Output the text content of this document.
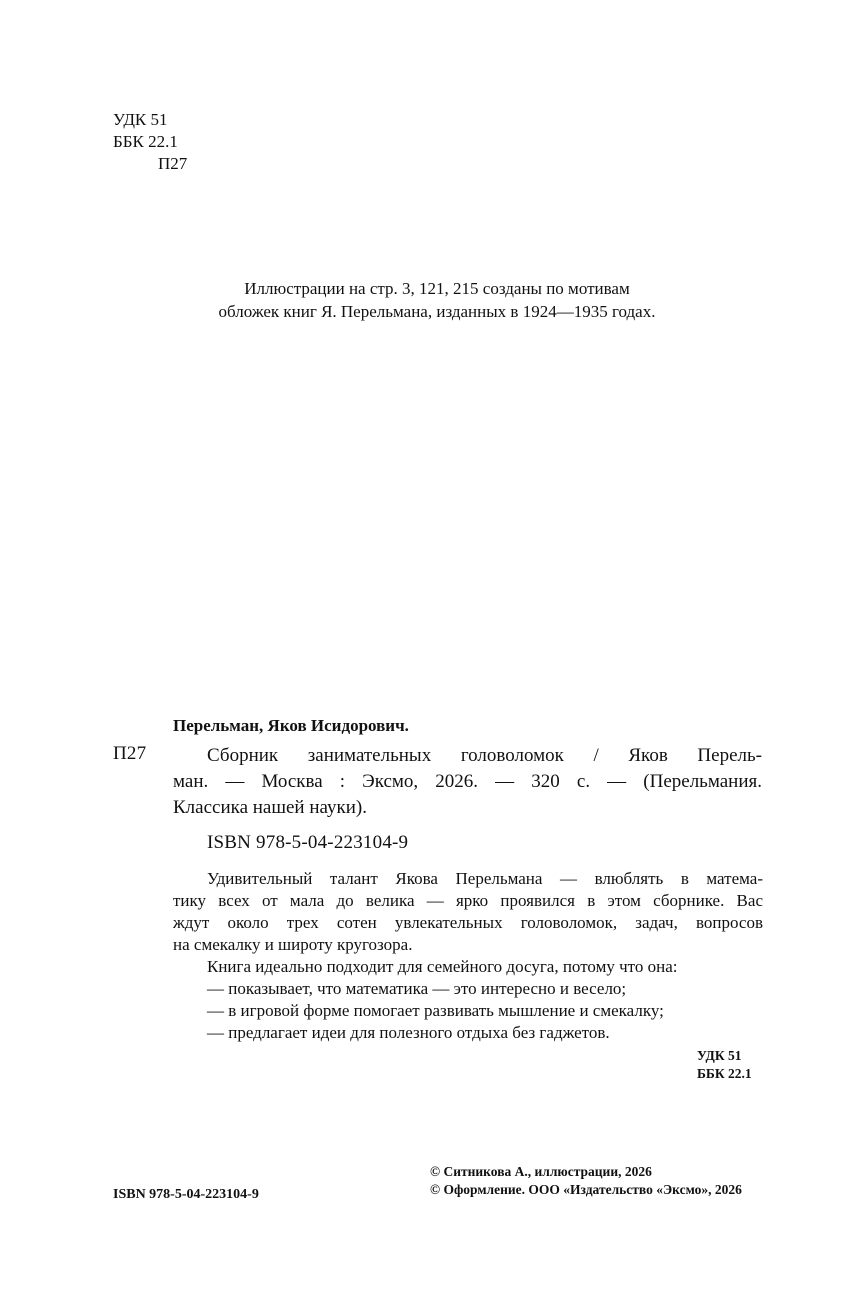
УДК 51
ББК 22.1
П27
Иллюстрации на стр. 3, 121, 215 созданы по мотивам
обложек книг Я. Перельмана, изданных в 1924—1935 годах.
Перельман, Яков Исидорович.
П27	Сборник занимательных головоломок / Яков Перель-
ман. — Москва : Эксмо, 2026. — 320 с. — (Перельмания.
Классика нашей науки).
ISBN 978-5-04-223104-9
Удивительный талант Якова Перельмана — влюблять в матема-
тику всех от мала до велика — ярко проявился в этом сборнике. Вас
ждут около трех сотен увлекательных головоломок, задач, вопросов
на смекалку и широту кругозора.
Книга идеально подходит для семейного досуга, потому что она:
— показывает, что математика — это интересно и весело;
— в игровой форме помогает развивать мышление и смекалку;
— предлагает идеи для полезного отдыха без гаджетов.
УДК 51
ББК 22.1
ISBN 978-5-04-223104-9
© Ситникова А., иллюстрации, 2026
© Оформление. ООО «Издательство «Эксмо», 2026
